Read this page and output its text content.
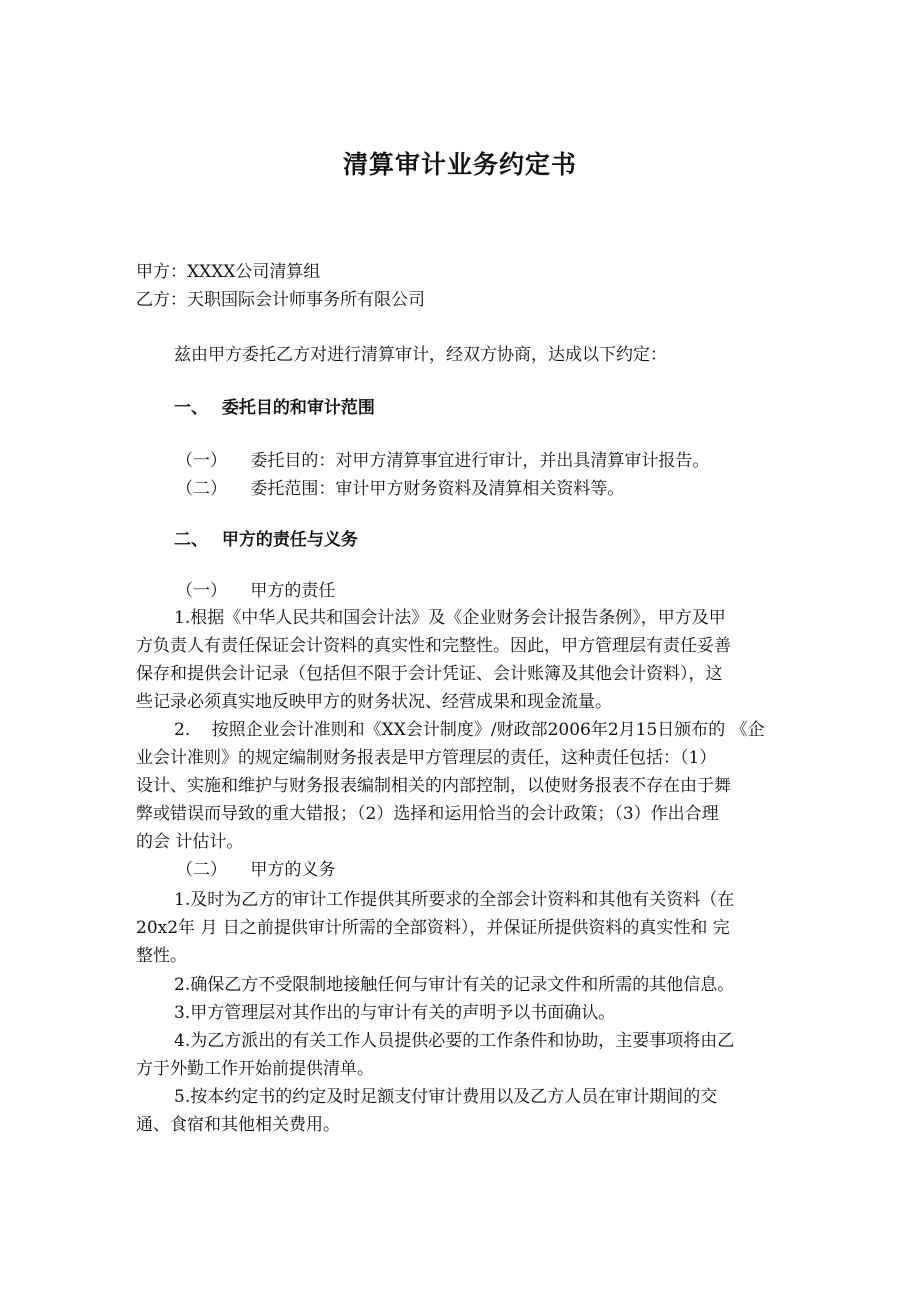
清算审计业务约定书

甲方：XXXX公司清算组

乙方：天职国际会计师事务所有限公司

兹由甲方委托乙方对进行清算审计，经双方协商，达成以下约定：

一、 委托目的和审计范围
（一） 委托目的：对甲方清算事宜进行审计，并出具清算审计报告。
（二） 委托范围：审计甲方财务资料及清算相关资料等。
二、 甲方的责任与义务
（一） 甲方的责任

1.根据《中华人民共和国会计法》及《企业财务会计报告条例》，甲方及甲

方负责人有责任保证会计资料的真实性和完整性。因此，甲方管理层有责任妥善

保存和提供会计记录（包括但不限于会计凭证、会计账簿及其他会计资料），这

些记录必须真实地反映甲方的财务状况、经营成果和现金流量。

2. 按照企业会计准则和《XX会计制度》/财政部2006年2月15日颁布的 《企

业会计准则》的规定编制财务报表是甲方管理层的责任，这种责任包括：（1）

设计、实施和维护与财务报表编制相关的内部控制，以使财务报表不存在由于舞

弊或错误而导致的重大错报；（2）选择和运用恰当的会计政策；（3）作出合理

的会 计估计。

（二） 甲方的义务

1.及时为乙方的审计工作提供其所要求的全部会计资料和其他有关资料（在

20x2年 月 日之前提供审计所需的全部资料），并保证所提供资料的真实性和 完

整性。

2.确保乙方不受限制地接触任何与审计有关的记录文件和所需的其他信息。

3.甲方管理层对其作出的与审计有关的声明予以书面确认。

4.为乙方派出的有关工作人员提供必要的工作条件和协助，主要事项将由乙

方于外勤工作开始前提供清单。

5.按本约定书的约定及时足额支付审计费用以及乙方人员在审计期间的交

通、食宿和其他相关费用。
